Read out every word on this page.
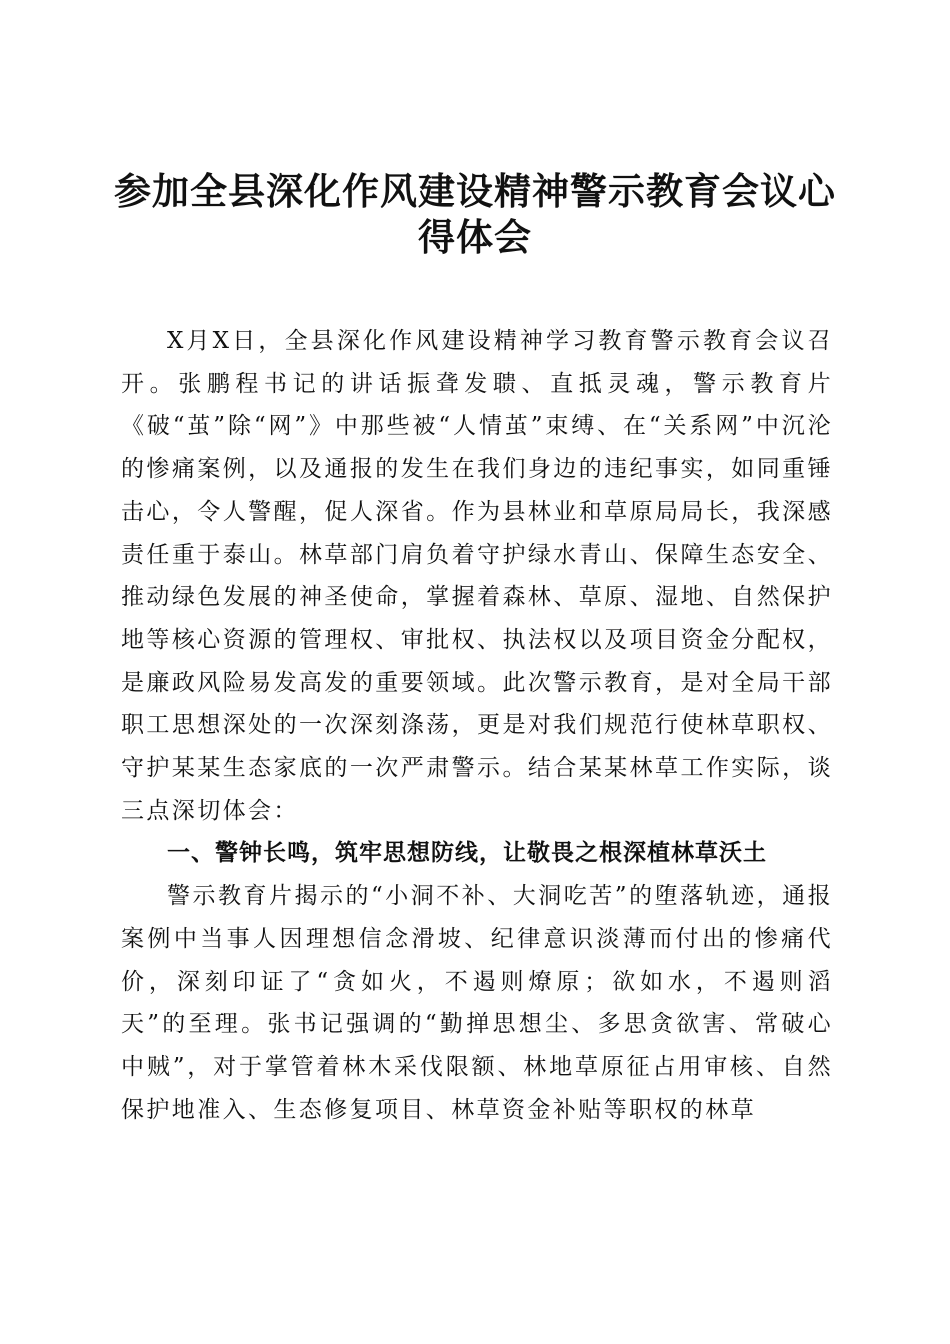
参加全县深化作风建设精神警示教育会议心得体会

X月X日，全县深化作风建设精神学习教育警示教育会议召开。张鹏程书记的讲话振聋发聩、直抵灵魂，警示教育片《破“茧”除“网”》中那些被“人情茧”束缚、在“关系网”中沉沦的惨痛案例，以及通报的发生在我们身边的违纪事实，如同重锤击心，令人警醒，促人深省。作为县林业和草原局局长，我深感责任重于泰山。林草部门肩负着守护绿水青山、保障生态安全、推动绿色发展的神圣使命，掌握着森林、草原、湿地、自然保护地等核心资源的管理权、审批权、执法权以及项目资金分配权，是廉政风险易发高发的重要领域。此次警示教育，是对全局干部职工思想深处的一次深刻涤荡，更是对我们规范行使林草职权、守护某某生态家底的一次严肃警示。结合某某林草工作实际，谈三点深切体会：

一、警钟长鸣，筑牢思想防线，让敬畏之根深植林草沃土

警示教育片揭示的“小洞不补、大洞吃苦”的堕落轨迹，通报案例中当事人因理想信念滑坡、纪律意识淡薄而付出的惨痛代价，深刻印证了“贪如火，不遏则燎原；欲如水，不遏则滔天”的至理。张书记强调的“勤掸思想尘、多思贪欲害、常破心中贼”，对于掌管着林木采伐限额、林地草原征占用审核、自然保护地准入、生态修复项目、林草资金补贴等职权的林草
